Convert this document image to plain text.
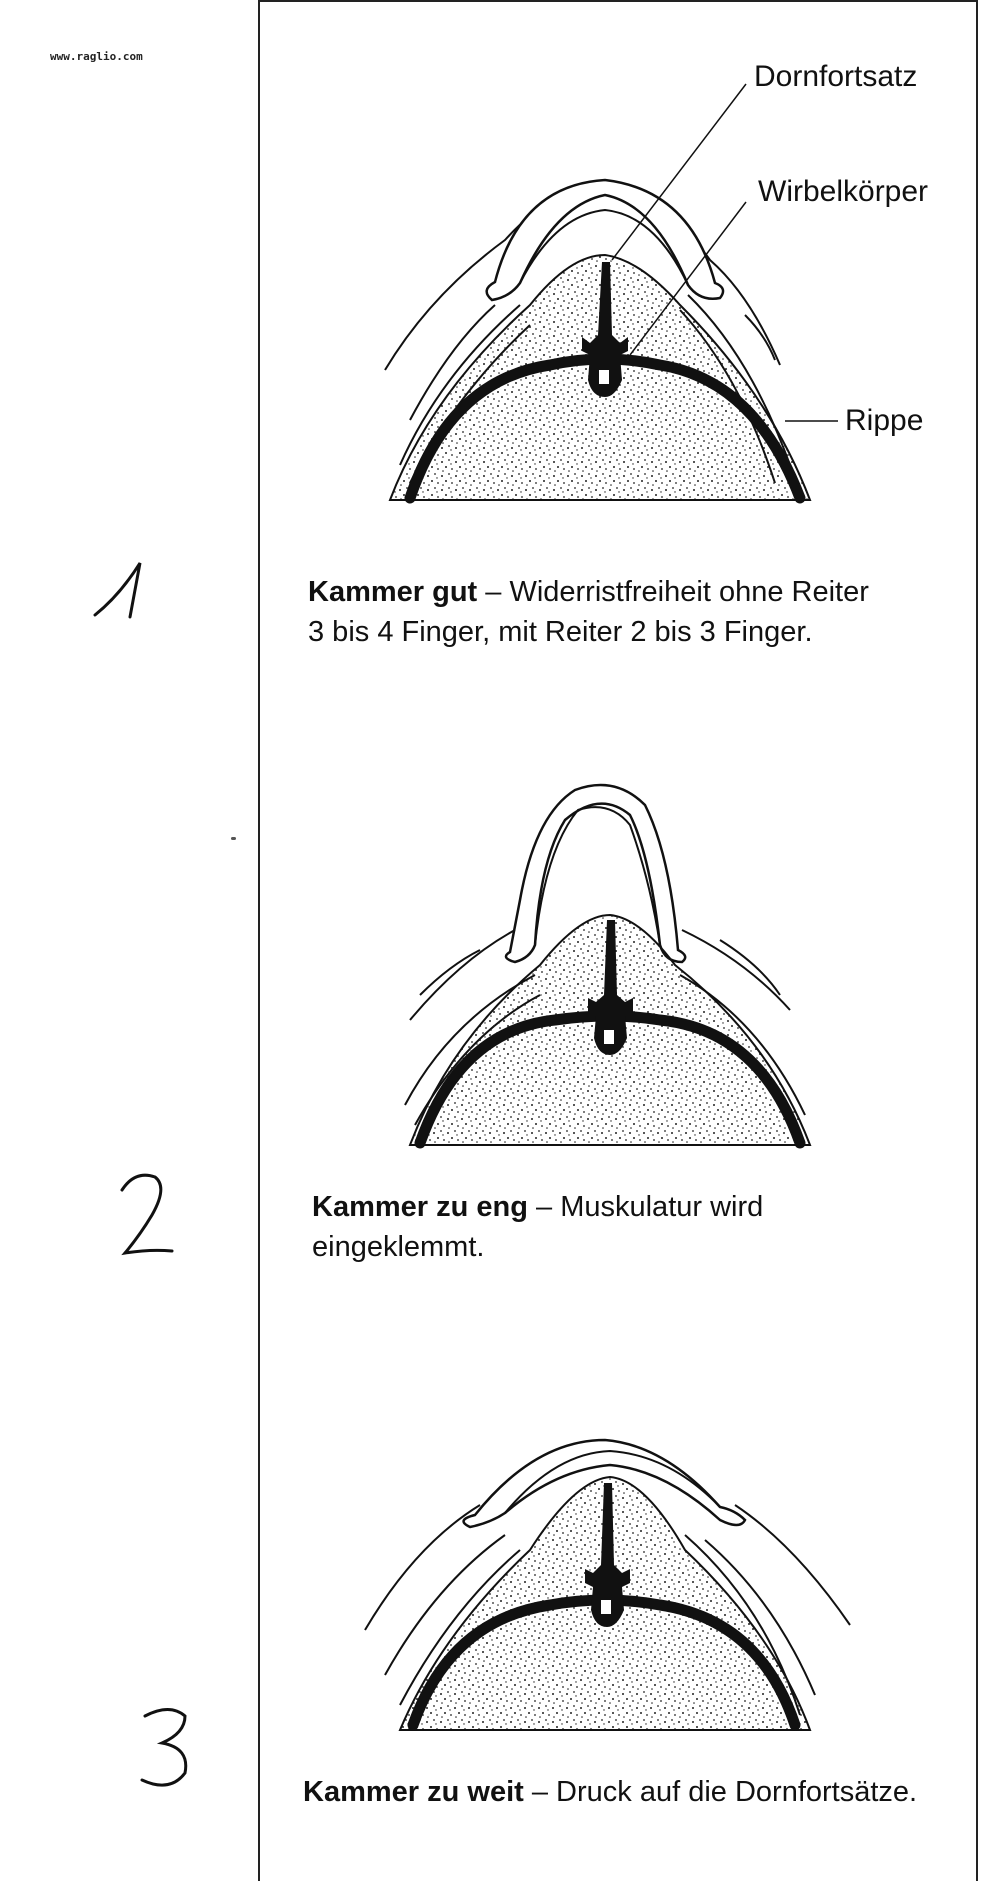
www.raglio.com
Dornfortsatz
Wirbelkörper
Rippe
Kammer gut – Widerristfreiheit ohne Reiter
3 bis 4 Finger, mit Reiter 2 bis 3 Finger.
Kammer zu eng – Muskulatur wird
eingeklemmt.
Kammer zu weit – Druck auf die Dornfortsätze.
